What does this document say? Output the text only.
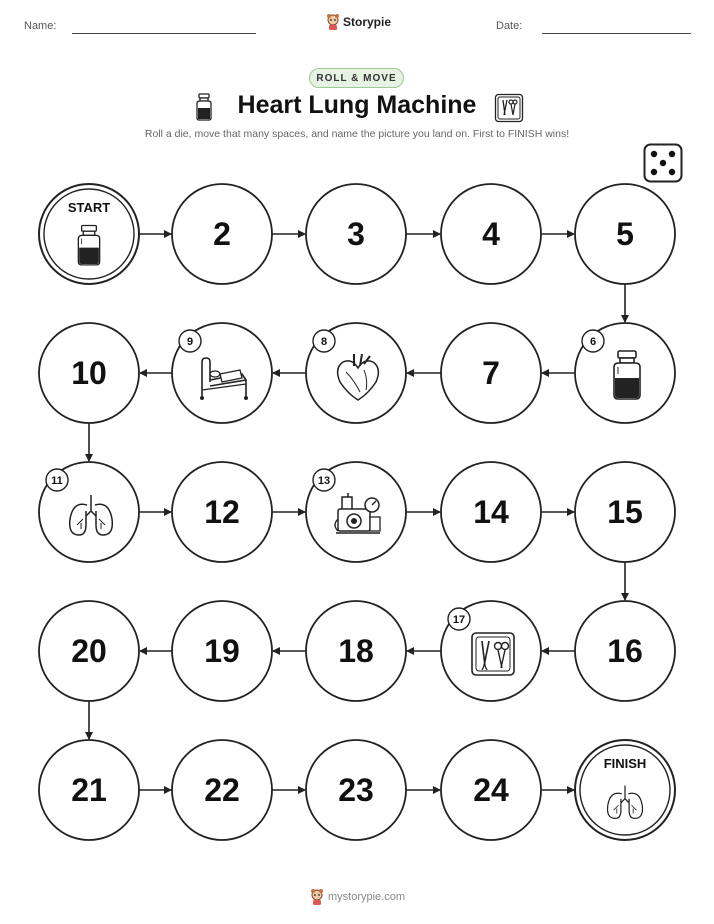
Name:	Storypie	Date:
ROLL & MOVE
Heart Lung Machine
Roll a die, move that many spaces, and name the picture you land on. First to FINISH wins!
START
2	3	4	5
6
7
8
9
10
11
12
13
14	15
16
17
18
19
20
21	22	23	24
FINISH
mystorypie.com
